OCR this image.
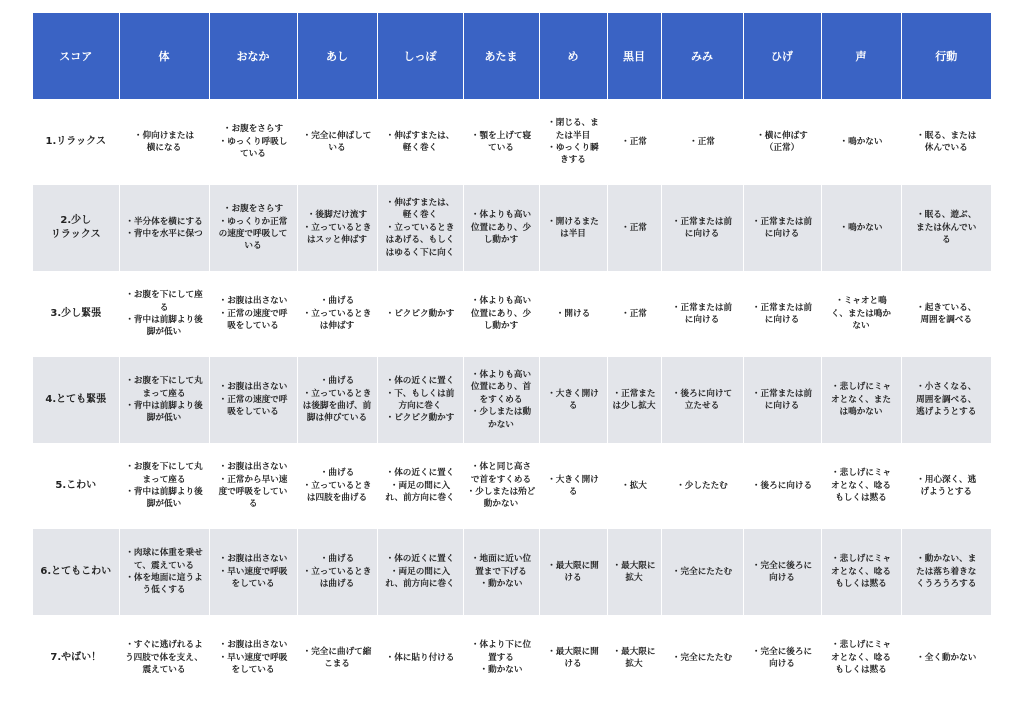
スコア	体	おなか	あし	しっぽ	あたま	め	黒目	みみ	ひげ	声	行動

1.リラックス	・仰向けまたは
横になる	・お腹をさらす
・ゆっくり呼吸し
ている	・完全に伸ばして
いる	・伸ばすまたは、
軽く巻く	・顎を上げて寝
ている	・閉じる、ま
たは半目
・ゆっくり瞬
きする	・正常	・正常	・横に伸ばす
（正常）	・鳴かない	・眠る、または
休んでいる

2.少し
リラックス	・半分体を横にする
・背中を水平に保つ	・お腹をさらす
・ゆっくりか正常
の速度で呼吸して
いる	・後脚だけ流す
・立っているとき
はスッと伸ばす	・伸ばすまたは、
軽く巻く
・立っているとき
はあげる、もしく
はゆるく下に向く	・体よりも高い
位置にあり、少
し動かす	・開けるまた
は半目	・正常	・正常または前
に向ける	・正常または前
に向ける	・鳴かない	・眠る、遊ぶ、
または休んでい
る

3.少し緊張	・お腹を下にして座
る
・背中は前脚より後
脚が低い	・お腹は出さない
・正常の速度で呼
吸をしている	・曲げる
・立っているとき
は伸ばす	・ピクピク動かす	・体よりも高い
位置にあり、少
し動かす	・開ける	・正常	・正常または前
に向ける	・正常または前
に向ける	・ミャオと鳴
く、または鳴か
ない	・起きている、
周囲を調べる

4.とても緊張	・お腹を下にして丸
まって座る
・背中は前脚より後
脚が低い	・お腹は出さない
・正常の速度で呼
吸をしている	・曲げる
・立っているとき
は後脚を曲げ、前
脚は伸びている	・体の近くに置く
・下、もしくは前
方向に巻く
・ピクピク動かす	・体よりも高い
位置にあり、首
をすくめる
・少しまたは動
かない	・大きく開け
る	・正常また
は少し拡大	・後ろに向けて
立たせる	・正常または前
に向ける	・悲しげにミャ
オとなく、また
は鳴かない	・小さくなる、
周囲を調べる、
逃げようとする

5.こわい	・お腹を下にして丸
まって座る
・背中は前脚より後
脚が低い	・お腹は出さない
・正常から早い速
度で呼吸をしてい
る	・曲げる
・立っているとき
は四肢を曲げる	・体の近くに置く
・両足の間に入
れ、前方向に巻く	・体と同じ高さ
で首をすくめる
・少しまたは殆ど
動かない	・大きく開け
る	・拡大	・少したたむ	・後ろに向ける	・悲しげにミャ
オとなく、唸る
もしくは黙る	・用心深く、逃
げようとする

6.とてもこわい	・肉球に体重を乗せ
て、震えている
・体を地面に這うよ
う低くする	・お腹は出さない
・早い速度で呼吸
をしている	・曲げる
・立っているとき
は曲げる	・体の近くに置く
・両足の間に入
れ、前方向に巻く	・地面に近い位
置まで下げる
・動かない	・最大限に開
ける	・最大限に
拡大	・完全にたたむ	・完全に後ろに
向ける	・悲しげにミャ
オとなく、唸る
もしくは黙る	・動かない、ま
たは落ち着きな
くうろうろする

7.やばい！	・すぐに逃げれるよ
う四肢で体を支え、
震えている	・お腹は出さない
・早い速度で呼吸
をしている	・完全に曲げて縮
こまる	・体に貼り付ける	・体より下に位
置する
・動かない	・最大限に開
ける	・最大限に
拡大	・完全にたたむ	・完全に後ろに
向ける	・悲しげにミャ
オとなく、唸る
もしくは黙る	・全く動かない
